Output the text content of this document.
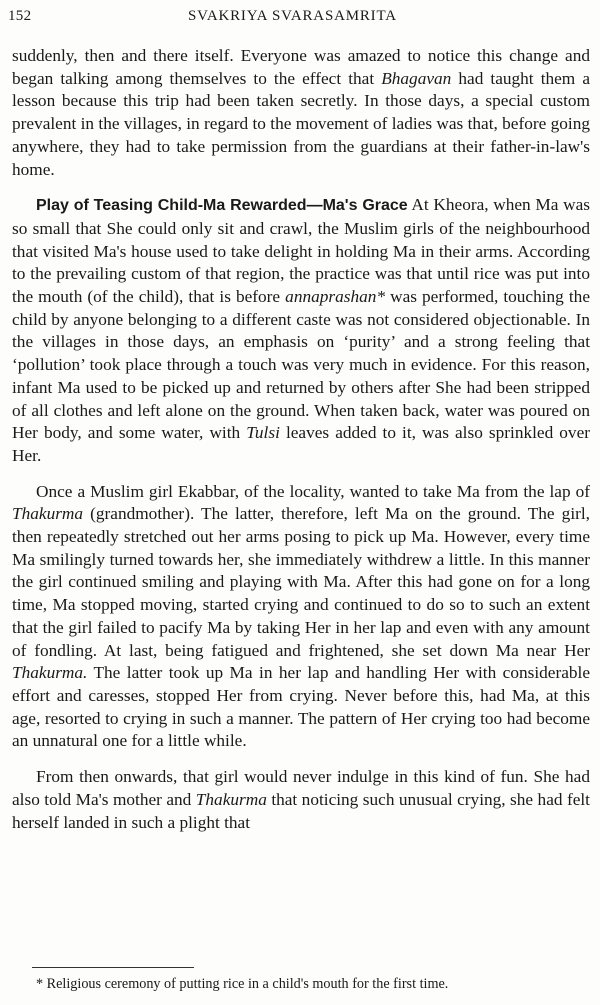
152	SVAKRIYA SVARASAMRITA

suddenly, then and there itself. Everyone was amazed to notice this change and began talking among themselves to the effect that Bhagavan had taught them a lesson because this trip had been taken secretly. In those days, a special custom prevalent in the villages, in regard to the movement of ladies was that, before going anywhere, they had to take permission from the guardians at their father-in-law's home.

Play of Teasing Child-Ma Rewarded—Ma's Grace At Kheora, when Ma was so small that She could only sit and crawl, the Muslim girls of the neighbourhood that visited Ma's house used to take delight in holding Ma in their arms. According to the prevailing custom of that region, the practice was that until rice was put into the mouth (of the child), that is before annaprashan* was performed, touching the child by anyone belonging to a different caste was not considered objectionable. In the villages in those days, an emphasis on ‘purity’ and a strong feeling that ‘pollution’ took place through a touch was very much in evidence. For this reason, infant Ma used to be picked up and returned by others after She had been stripped of all clothes and left alone on the ground. When taken back, water was poured on Her body, and some water, with Tulsi leaves added to it, was also sprinkled over Her.

Once a Muslim girl Ekabbar, of the locality, wanted to take Ma from the lap of Thakurma (grandmother). The latter, therefore, left Ma on the ground. The girl, then repeatedly stretched out her arms posing to pick up Ma. However, every time Ma smilingly turned towards her, she immediately withdrew a little. In this manner the girl continued smiling and playing with Ma. After this had gone on for a long time, Ma stopped moving, started crying and continued to do so to such an extent that the girl failed to pacify Ma by taking Her in her lap and even with any amount of fondling. At last, being fatigued and frightened, she set down Ma near Her Thakurma. The latter took up Ma in her lap and handling Her with considerable effort and caresses, stopped Her from crying. Never before this, had Ma, at this age, resorted to crying in such a manner. The pattern of Her crying too had become an unnatural one for a little while.

From then onwards, that girl would never indulge in this kind of fun. She had also told Ma's mother and Thakurma that noticing such unusual crying, she had felt herself landed in such a plight that

* Religious ceremony of putting rice in a child's mouth for the first time.
